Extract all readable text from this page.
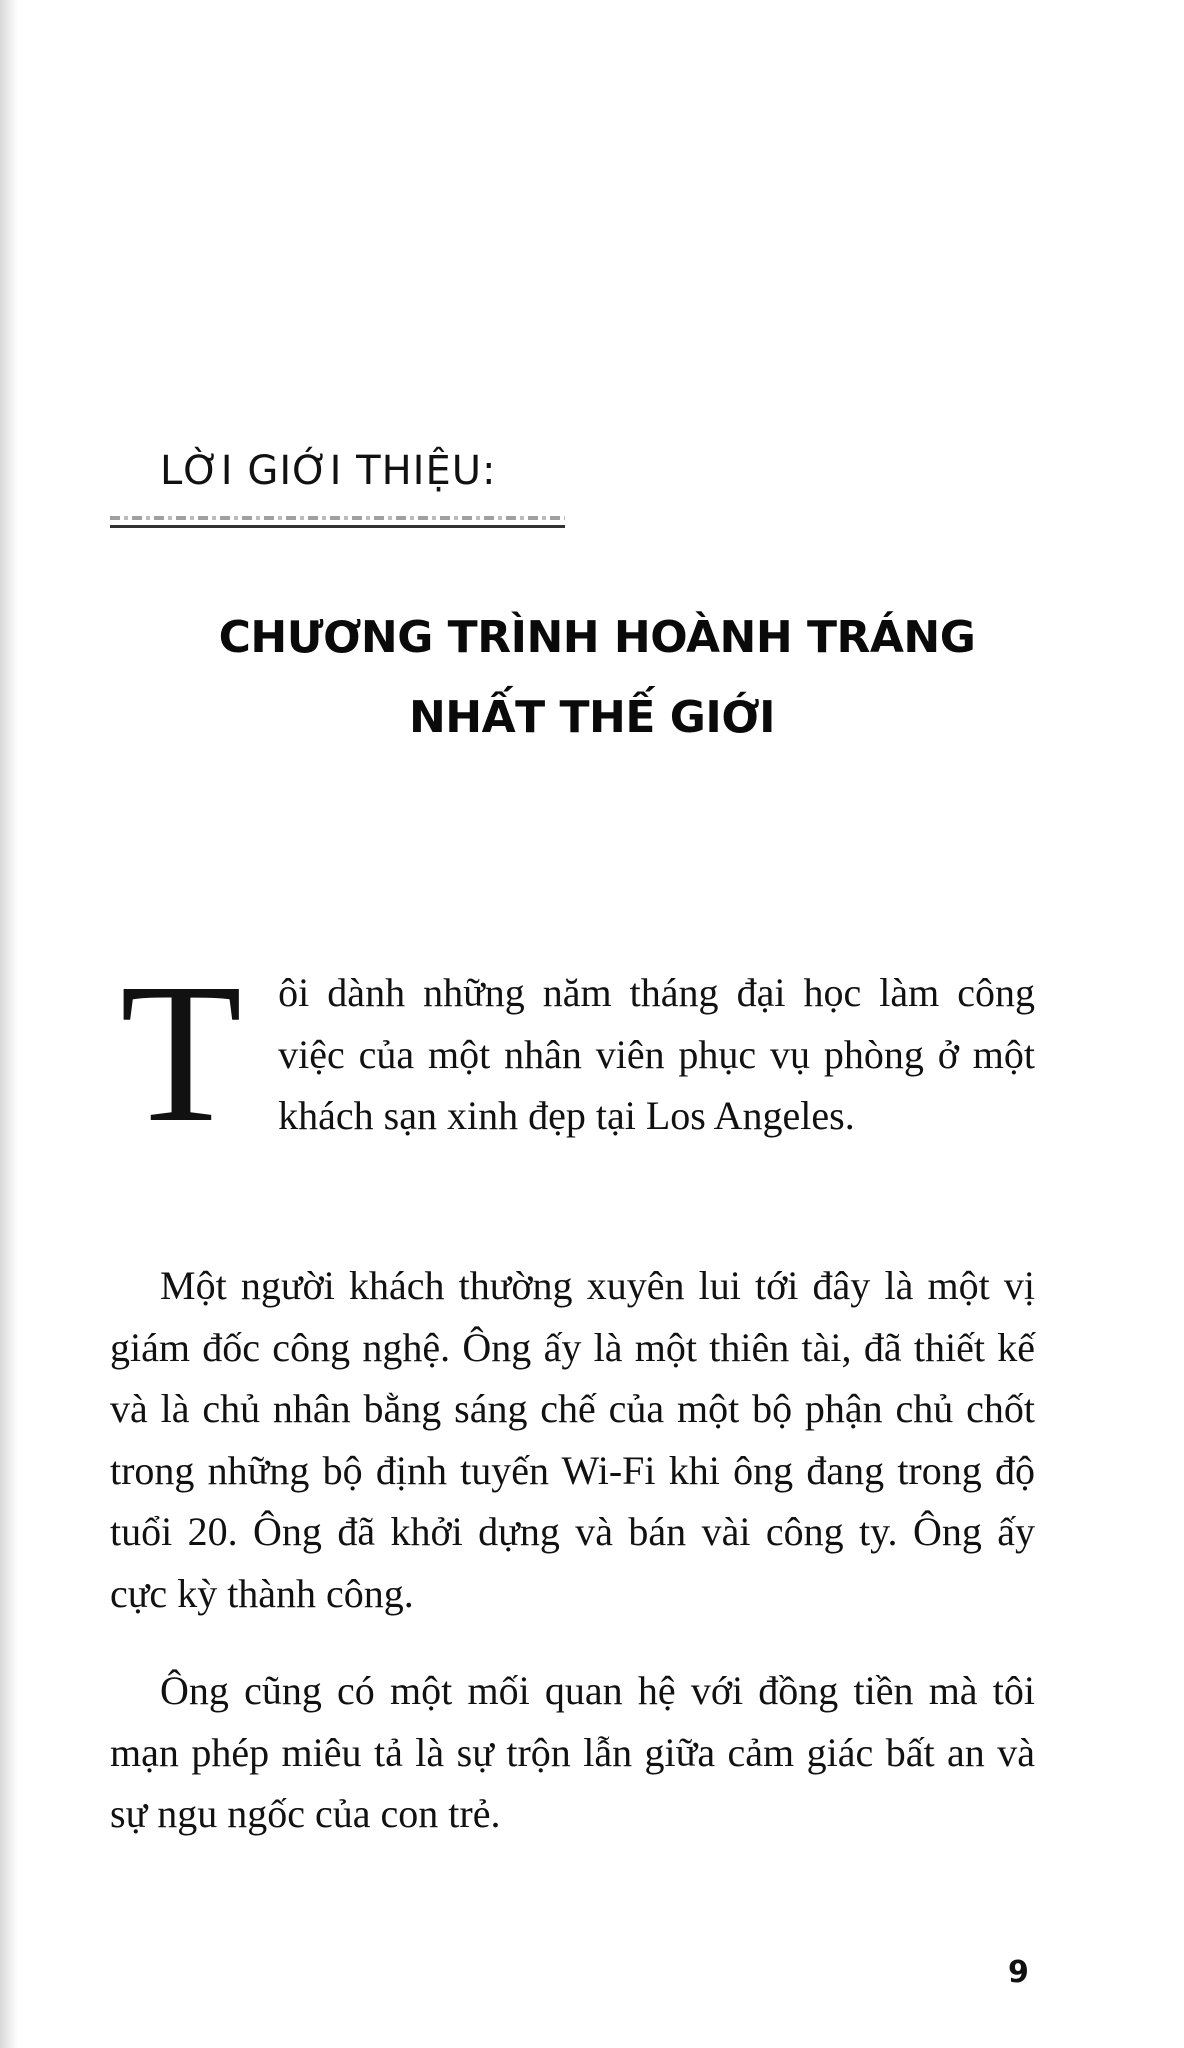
LỜI GIỚI THIỆU:
CHƯƠNG TRÌNH HOÀNH TRÁNG
NHẤT THẾ GIỚI
Tôi dành những năm tháng đại học làm công việc của một nhân viên phục vụ phòng ở một khách sạn xinh đẹp tại Los Angeles.
Một người khách thường xuyên lui tới đây là một vị giám đốc công nghệ. Ông ấy là một thiên tài, đã thiết kế và là chủ nhân bằng sáng chế của một bộ phận chủ chốt trong những bộ định tuyến Wi-Fi khi ông đang trong độ tuổi 20. Ông đã khởi dựng và bán vài công ty. Ông ấy cực kỳ thành công.
Ông cũng có một mối quan hệ với đồng tiền mà tôi mạn phép miêu tả là sự trộn lẫn giữa cảm giác bất an và sự ngu ngốc của con trẻ.
9
